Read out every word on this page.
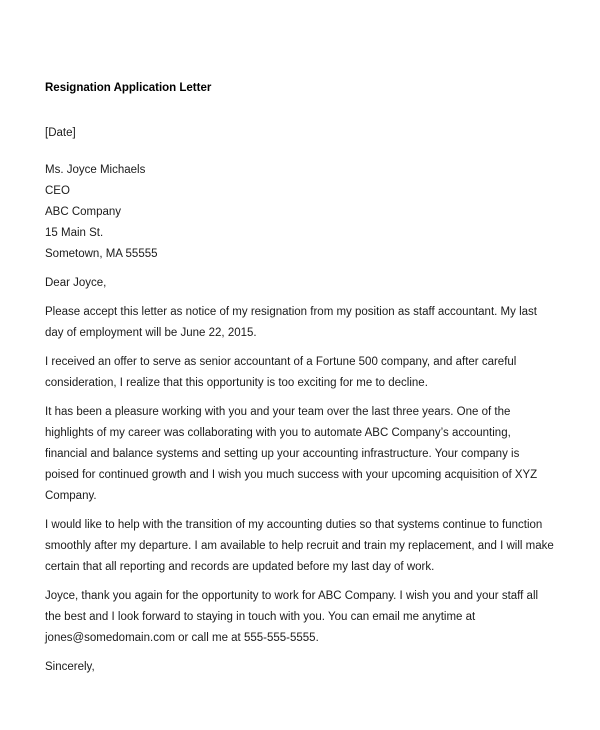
Resignation Application Letter

[Date]

Ms. Joyce Michaels

CEO

ABC Company

15 Main St.

Sometown, MA 55555

Dear Joyce,

Please accept this letter as notice of my resignation from my position as staff accountant. My last day of employment will be June 22, 2015.

I received an offer to serve as senior accountant of a Fortune 500 company, and after careful consideration, I realize that this opportunity is too exciting for me to decline.

It has been a pleasure working with you and your team over the last three years. One of the highlights of my career was collaborating with you to automate ABC Company’s accounting, financial and balance systems and setting up your accounting infrastructure. Your company is poised for continued growth and I wish you much success with your upcoming acquisition of XYZ Company.

I would like to help with the transition of my accounting duties so that systems continue to function smoothly after my departure. I am available to help recruit and train my replacement, and I will make certain that all reporting and records are updated before my last day of work.

Joyce, thank you again for the opportunity to work for ABC Company. I wish you and your staff all the best and I look forward to staying in touch with you. You can email me anytime at jones@somedomain.com or call me at 555-555-5555.

Sincerely,
